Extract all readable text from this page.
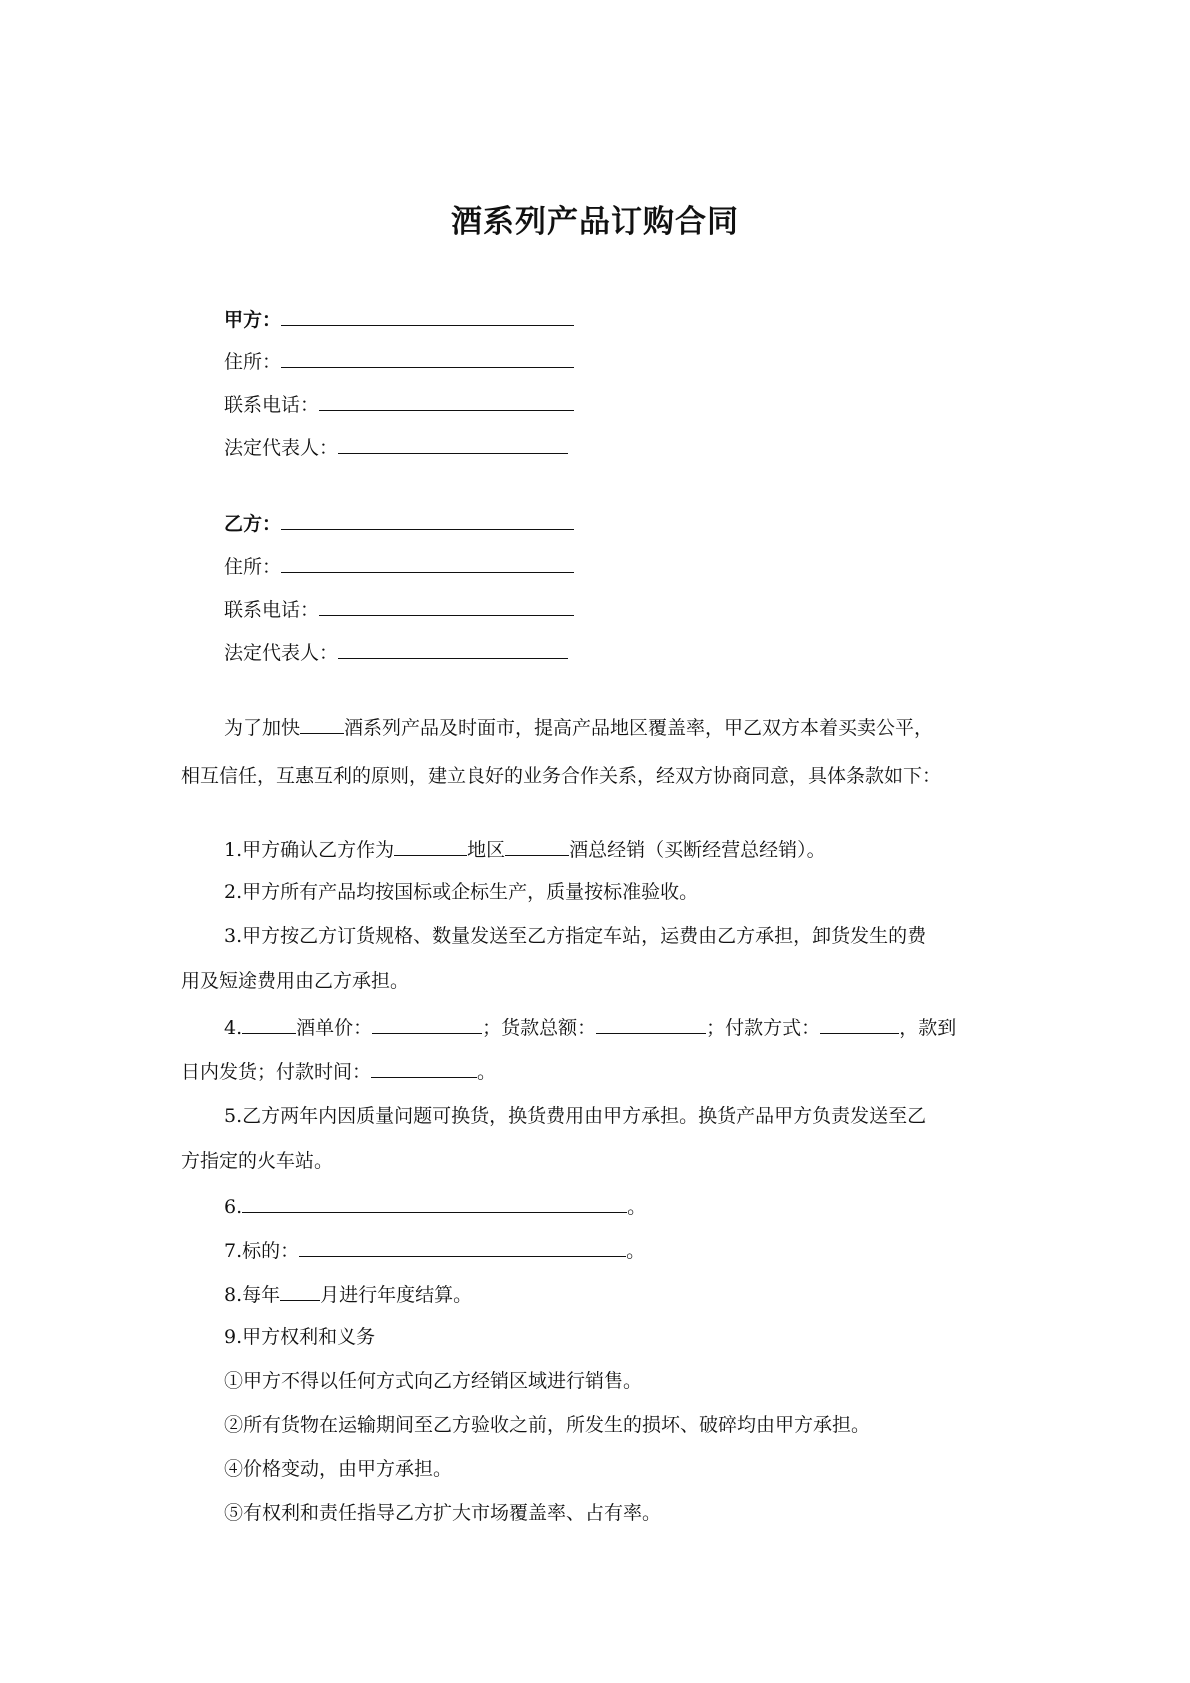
酒系列产品订购合同
甲方：
住所：
联系电话：
法定代表人：
乙方：
住所：
联系电话：
法定代表人：
为了加快 酒系列产品及时面市，提高产品地区覆盖率，甲乙双方本着买卖公平，
相互信任，互惠互利的原则，建立良好的业务合作关系，经双方协商同意，具体条款如下：
1.甲方确认乙方作为	地区	酒总经销（买断经营总经销）。
2.甲方所有产品均按国标或企标生产，质量按标准验收。
3.甲方按乙方订货规格、数量发送至乙方指定车站，运费由乙方承担，卸货发生的费
用及短途费用由乙方承担。
4.	酒单价：	；货款总额：	；付款方式：	，款到
日内发货；付款时间：	。
5.乙方两年内因质量问题可换货，换货费用由甲方承担。换货产品甲方负责发送至乙
方指定的火车站。
6.	。
7.标的：	。
8.每年 月进行年度结算。
9.甲方权利和义务
①甲方不得以任何方式向乙方经销区域进行销售。
②所有货物在运输期间至乙方验收之前，所发生的损坏、破碎均由甲方承担。
④价格变动，由甲方承担。
⑤有权利和责任指导乙方扩大市场覆盖率、占有率。
